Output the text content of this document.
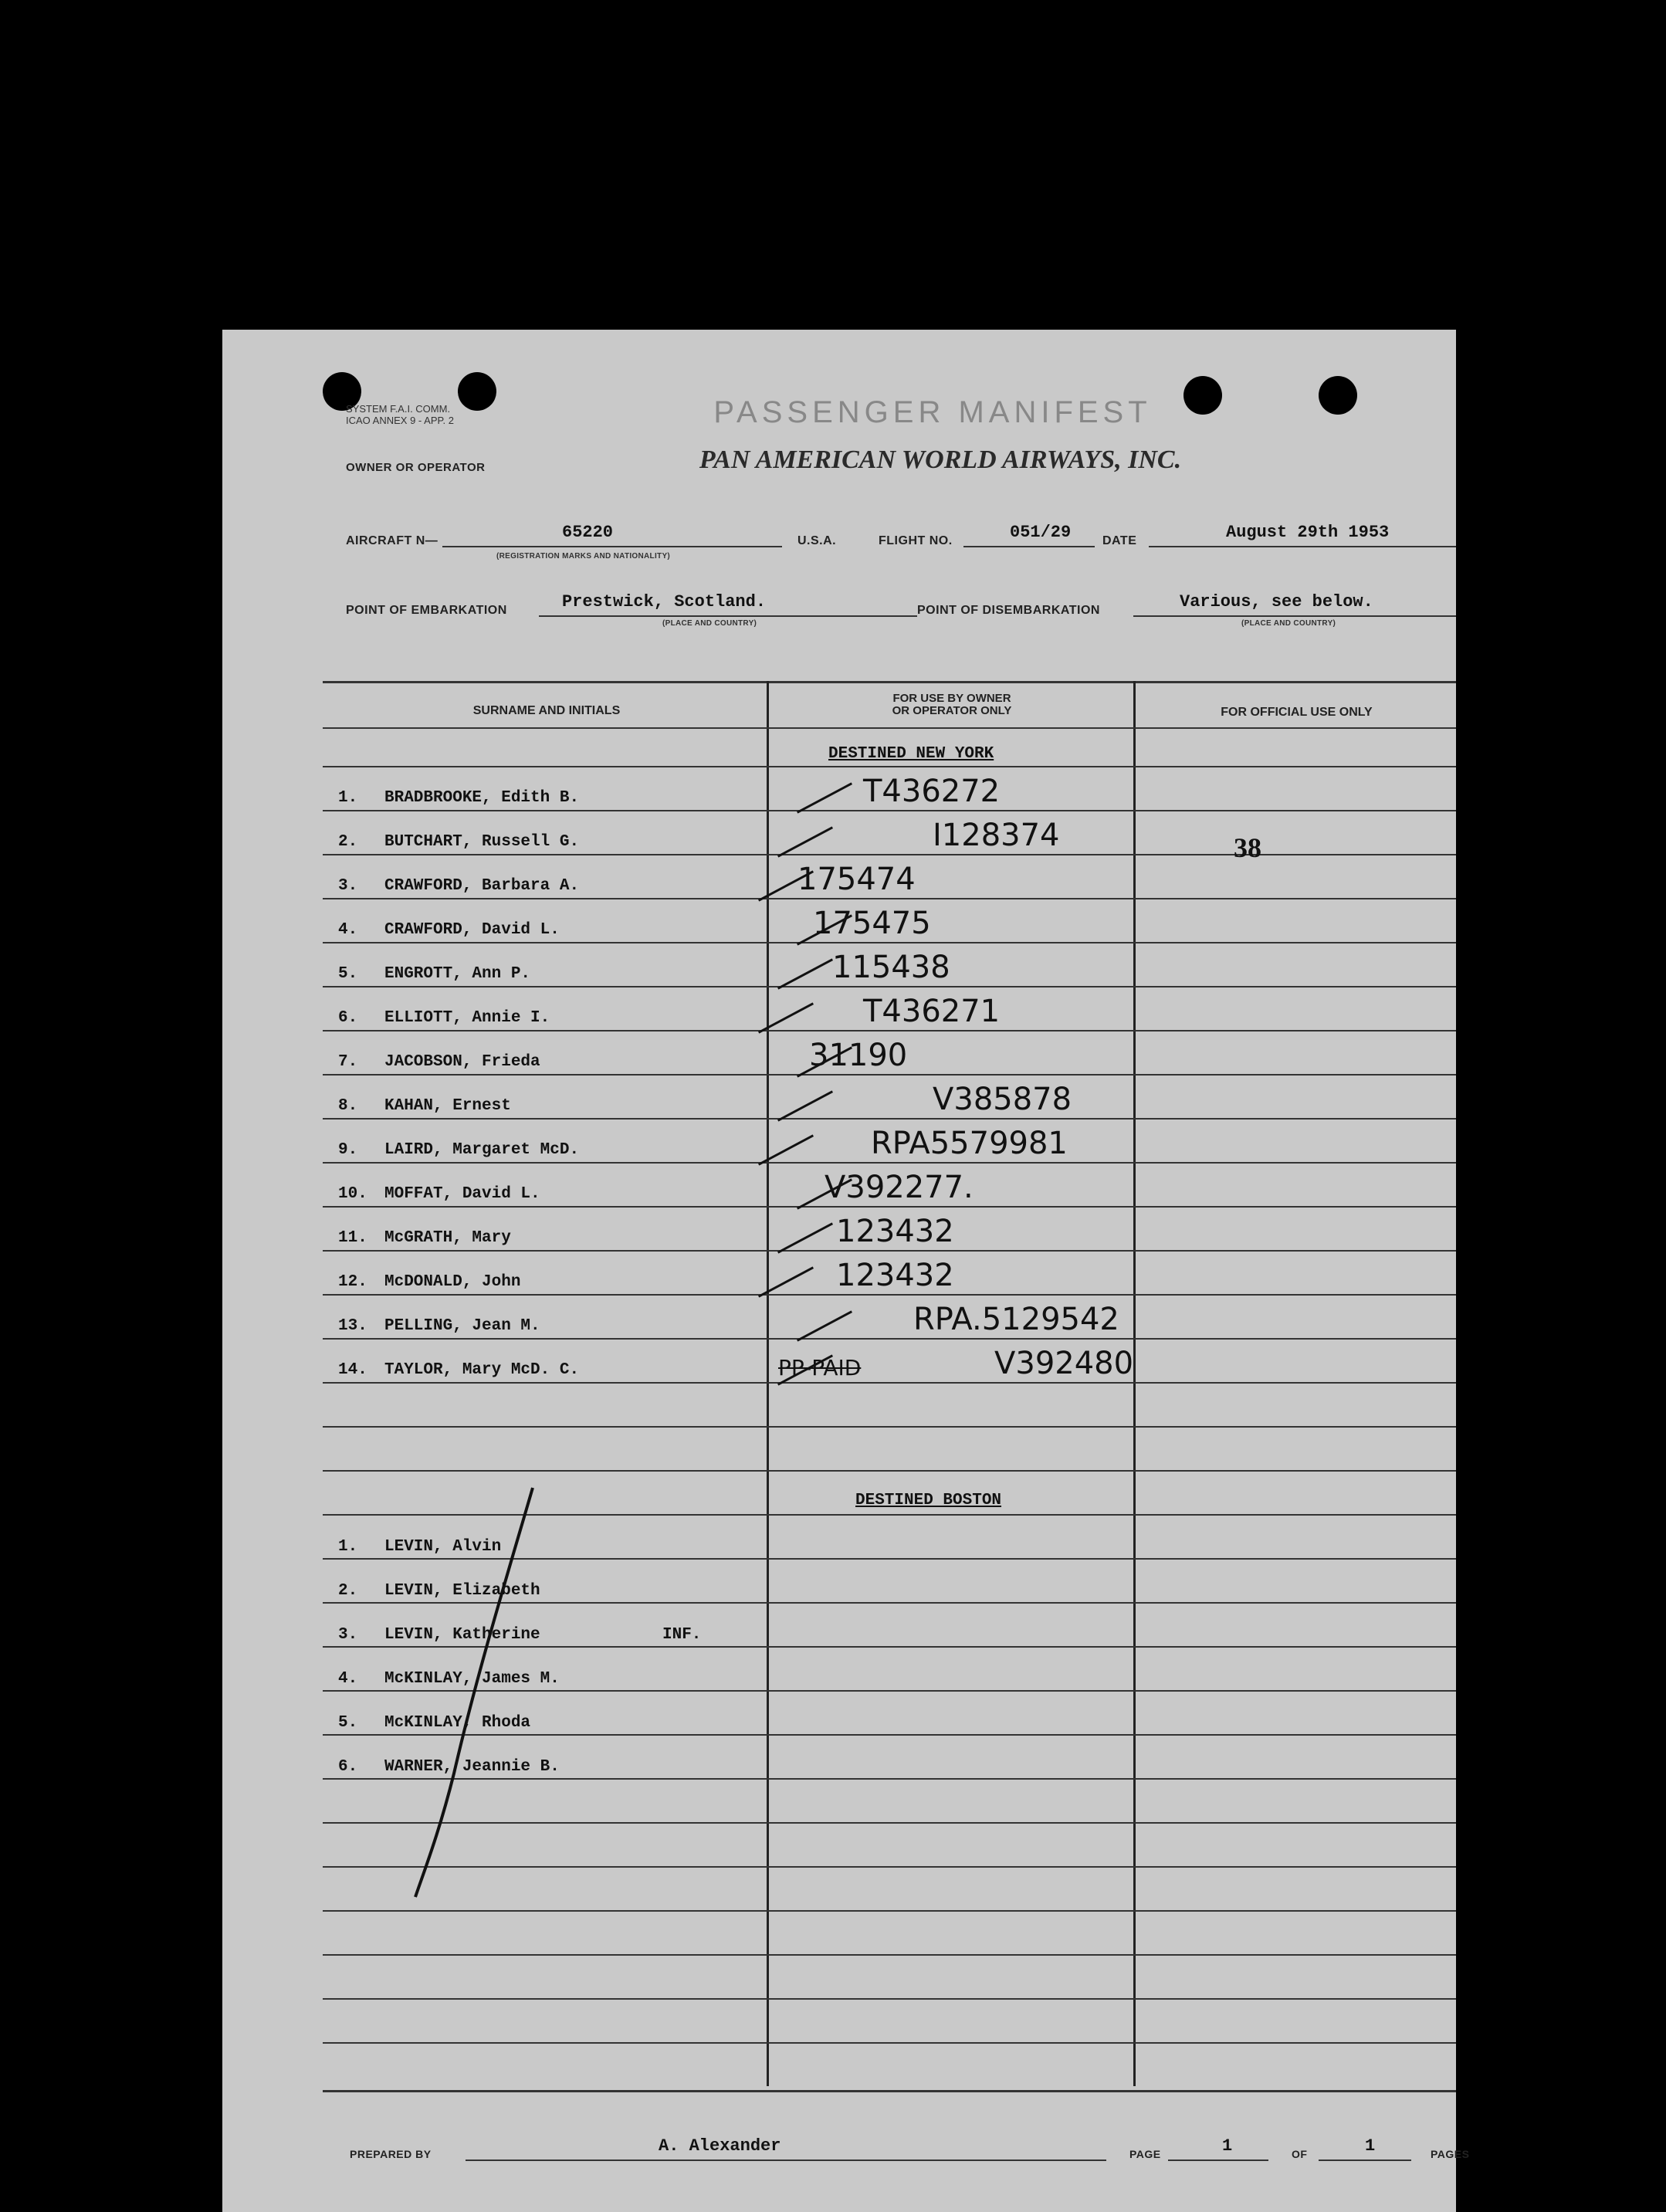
SYSTEM F.A.I. COMM.
ICAO ANNEX 9 - APP. 2
OWNER OR OPERATOR
PASSENGER MANIFEST
PAN AMERICAN WORLD AIRWAYS, INC.
AIRCRAFT N—	65220
(REGISTRATION MARKS AND NATIONALITY)
U.S.A.	FLIGHT NO.	051/29	DATE	August 29th 1953
POINT OF EMBARKATION	Prestwick, Scotland.
(PLACE AND COUNTRY)
POINT OF DISEMBARKATION	Various, see below.
(PLACE AND COUNTRY)
SURNAME AND INITIALS
FOR USE BY OWNER
OR OPERATOR ONLY	FOR OFFICIAL USE ONLY
DESTINED NEW YORK
1. BRADBROOKE, Edith B.	T436272
2. BUTCHART, Russell G.	I128374
3. CRAWFORD, Barbara A.	175474
4. CRAWFORD, David L.	175475
5. ENGROTT, Ann P.	115438
6. ELLIOTT, Annie I.	T436271
7. JACOBSON, Frieda	31190
8. KAHAN, Ernest	V385878
9. LAIRD, Margaret McD.	RPA5579981
10. MOFFAT, David L.	V392277.
11. McGRATH, Mary	123432
12. McDONALD, John	123432
13. PELLING, Jean M.	RPA.5129542
14. TAYLOR, Mary McD. C.	V392480
38
PP-PAID
DESTINED BOSTON
1. LEVIN, Alvin
2. LEVIN, Elizabeth
3. LEVIN, Katherine	INF.
4. McKINLAY, James M.
5. McKINLAY, Rhoda
6. WARNER, Jeannie B.
PREPARED BY	A. Alexander	PAGE	1	OF	1	PAGES
